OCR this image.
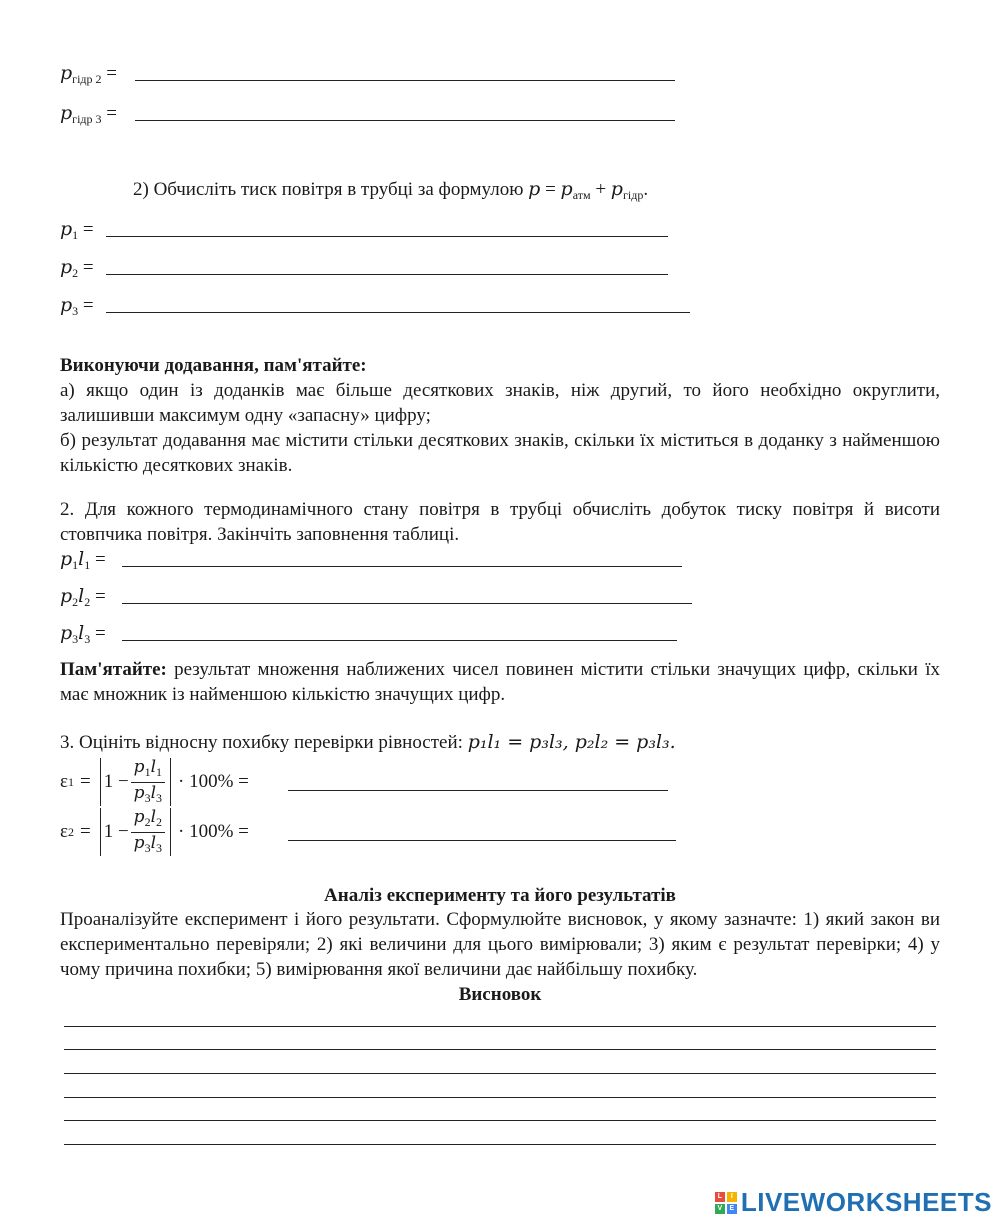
$p_{гідр 2}$ =
$p_{гідр 3}$ =
2) Обчисліть тиск повітря в трубці за формулою $p = p_{атм} + p_{гідр}$.
$p_1$ =
$p_2$ =
$p_3$ =
Виконуючи додавання, пам'ятайте:
а) якщо один із доданків має більше десяткових знаків, ніж другий, то його необхідно округлити, залишивши максимум одну «запасну» цифру;
б) результат додавання має містити стільки десяткових знаків, скільки їх міститься в доданку з найменшою кількістю десяткових знаків.
2. Для кожного термодинамічного стану повітря в трубці обчисліть добуток тиску повітря й висоти стовпчика повітря. Закінчіть заповнення таблиці.
$p_1l_1$ =
$p_2l_2$ =
$p_3l_3$ =
Пам'ятайте: результат множення наближених чисел повинен містити стільки значущих цифр, скільки їх має множник із найменшою кількістю значущих цифр.
3. Оцініть відносну похибку перевірки рівностей: p₁l₁ = p₃l₃, p₂l₂ = p₃l₃.
ε $1 = 1 - \frac{p_1l_1}{p_3l_3} \cdot 100\%$ =
ε $2 = 1 - \frac{p_2l_2}{p_3l_3} \cdot 100\%$ =
Аналіз експерименту та його результатів
Проаналізуйте експеримент і його результати. Сформулюйте висновок, у якому зазначте: 1) який закон ви експериментально перевіряли; 2) які величини для цього вимірювали; 3) яким є результат перевірки; 4) у чому причина похибки; 5) вимірювання якої величини дає найбільшу похибку.
Висновок
L	I
V	E LIVEWORKSHEETS
